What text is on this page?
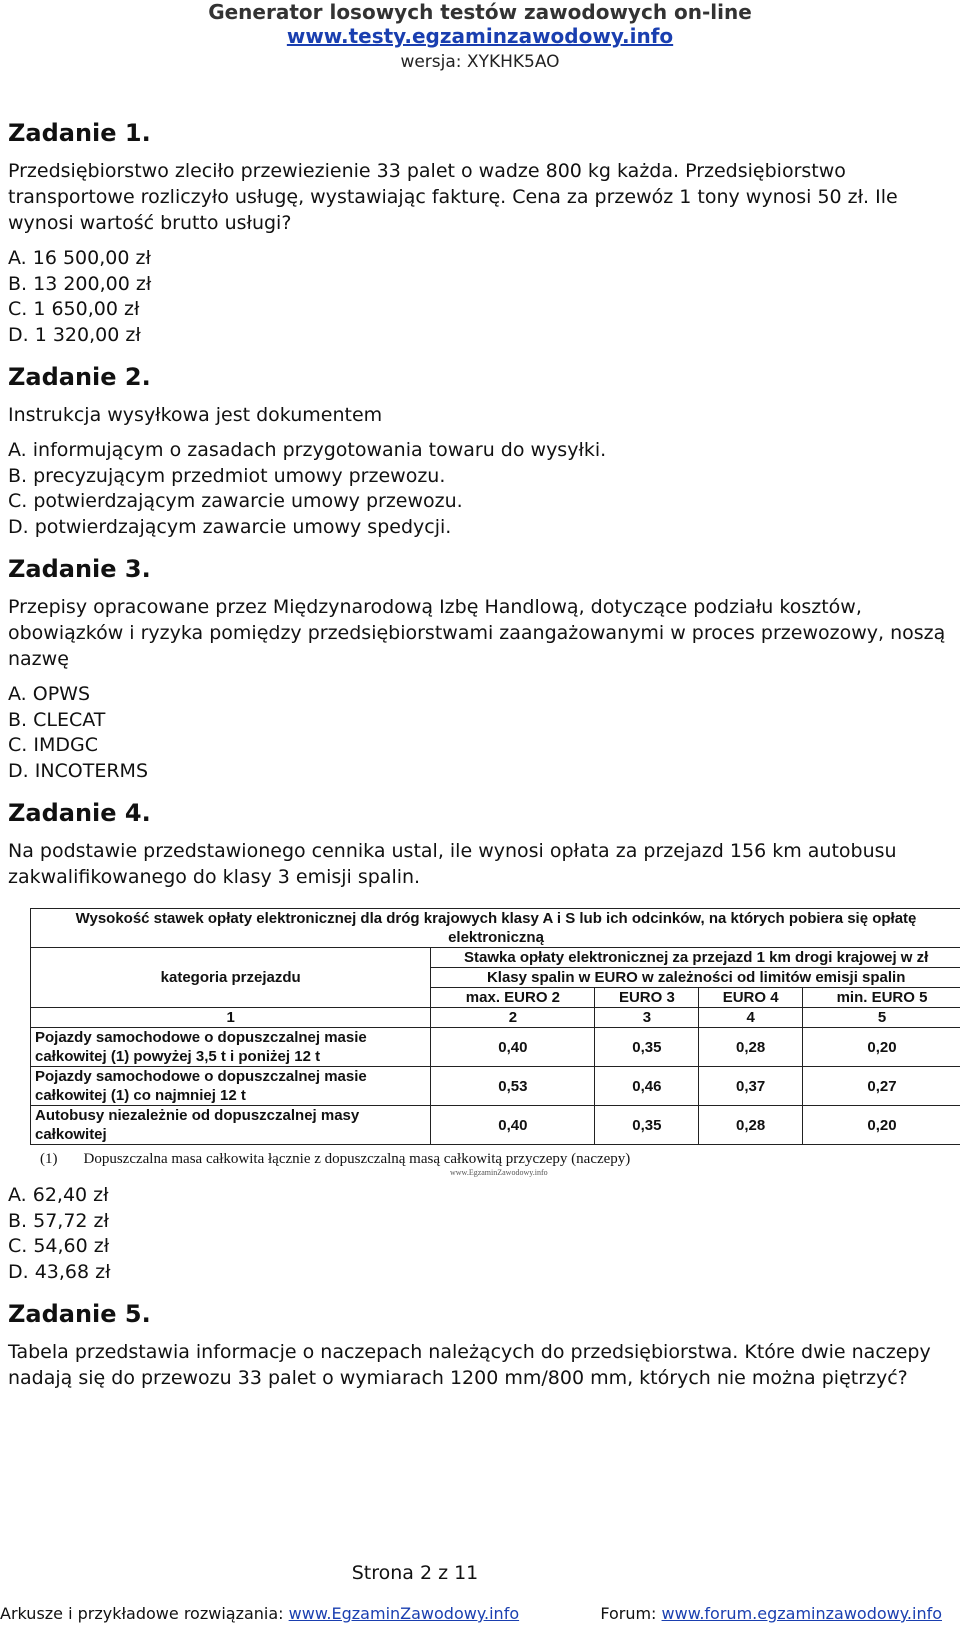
Generator losowych testów zawodowych on-line
www.testy.egzaminzawodowy.info
wersja: XYKHK5AO
Zadanie 1.

Przedsiębiorstwo zleciło przewiezienie 33 palet o wadze 800 kg każda. Przedsiębiorstwo transportowe rozliczyło usługę, wystawiając fakturę. Cena za przewóz 1 tony wynosi 50 zł. Ile wynosi wartość brutto usługi?

A. 16 500,00 zł
B. 13 200,00 zł
C. 1 650,00 zł
D. 1 320,00 zł
Zadanie 2.

Instrukcja wysyłkowa jest dokumentem

A. informującym o zasadach przygotowania towaru do wysyłki.
B. precyzującym przedmiot umowy przewozu.
C. potwierdzającym zawarcie umowy przewozu.
D. potwierdzającym zawarcie umowy spedycji.
Zadanie 3.

Przepisy opracowane przez Międzynarodową Izbę Handlową, dotyczące podziału kosztów, obowiązków i ryzyka pomiędzy przedsiębiorstwami zaangażowanymi w proces przewozowy, noszą nazwę

A. OPWS
B. CLECAT
C. IMDGC
D. INCOTERMS
Zadanie 4.

Na podstawie przedstawionego cennika ustal, ile wynosi opłata za przejazd 156 km autobusu zakwalifikowanego do klasy 3 emisji spalin.

Wysokość stawek opłaty elektronicznej dla dróg krajowych klasy A i S lub ich odcinków, na których pobiera się opłatę elektroniczną				
kategoria przejazdu	Stawka opłaty elektronicznej za przejazd 1 km drogi krajowej w zł			
	Klasy spalin w EURO w zależności od limitów emisji spalin			
	max. EURO 2	EURO 3	EURO 4	min. EURO 5
1	2	3	4	5
Pojazdy samochodowe o dopuszczalnej masie całkowitej (1) powyżej 3,5 t i poniżej 12 t	0,40	0,35	0,28	0,20
Pojazdy samochodowe o dopuszczalnej masie całkowitej (1) co najmniej 12 t	0,53	0,46	0,37	0,27
Autobusy niezależnie od dopuszczalnej masy całkowitej	0,40	0,35	0,28	0,20
(1) Dopuszczalna masa całkowita łącznie z dopuszczalną masą całkowitą przyczepy (naczepy)
www.EgzaminZawodowy.info
A. 62,40 zł
B. 57,72 zł
C. 54,60 zł
D. 43,68 zł
Zadanie 5.

Tabela przedstawia informacje o naczepach należących do przedsiębiorstwa. Które dwie naczepy nadają się do przewozu 33 palet o wymiarach 1200 mm/800 mm, których nie można piętrzyć?

Strona 2 z 11
Arkusze i przykładowe rozwiązania: www.EgzaminZawodowy.info	Forum: www.forum.egzaminzawodowy.info
